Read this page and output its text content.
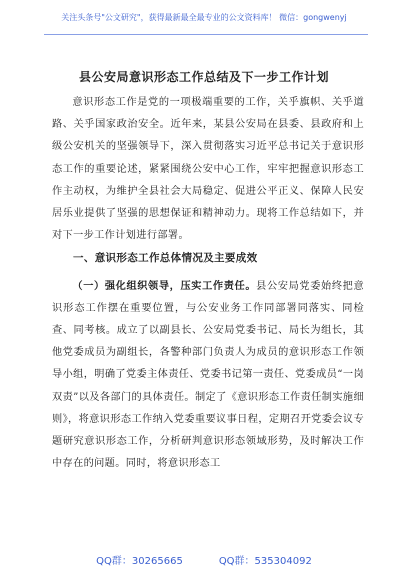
关注头条号"公文研究"，获得最新最全最专业的公文资料库！ 微信：gongwenyj
县公安局意识形态工作总结及下一步工作计划

意识形态工作是党的一项极端重要的工作，关乎旗帜、关乎道路、关乎国家政治安全。近年来，某县公安局在县委、县政府和上级公安机关的坚强领导下，深入贯彻落实习近平总书记关于意识形态工作的重要论述，紧紧围绕公安中心工作，牢牢把握意识形态工作主动权，为维护全县社会大局稳定、促进公平正义、保障人民安居乐业提供了坚强的思想保证和精神动力。现将工作总结如下，并对下一步工作计划进行部署。

一、意识形态工作总体情况及主要成效

（一）强化组织领导，压实工作责任。县公安局党委始终把意识形态工作摆在重要位置，与公安业务工作同部署同落实、同检查、同考核。成立了以副县长、公安局党委书记、局长为组长，其他党委成员为副组长，各警种部门负责人为成员的意识形态工作领导小组，明确了党委主体责任、党委书记第一责任、党委成员“一岗双责”以及各部门的具体责任。制定了《意识形态工作责任制实施细则》，将意识形态工作纳入党委重要议事日程，定期召开党委会议专题研究意识形态工作，分析研判意识形态领域形势，及时解决工作中存在的问题。同时，将意识形态工

QQ群：30265665	QQ群：535304092
